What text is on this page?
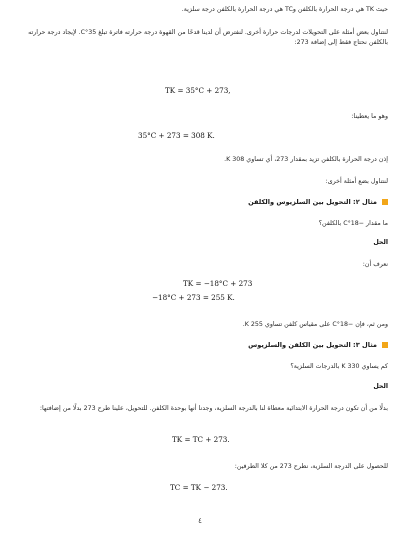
حيث TK هي درجة الحرارة بالكلفن وTC هي درجة الحرارة بالكلفن درجة سلزية.
لنتناول بعض أمثلة على التحويلات لدرجات حرارة أخرى. لنفترض أن لدينا قدحًا من القهوة درجة حرارته فاترة تبلغ 35°C. لإيجاد درجة حرارته بالكلفن نحتاج فقط إلى إضافة 273:
TK = 35°C + 273,
وهو ما يعطينا:
35°C + 273 = 308 K.
إذن درجة الحرارة بالكلفن تزيد بمقدار 273، أي تساوي 308 K.
لنتناول بضع أمثلة أخرى:
مثال ٢: التحويل بين السلزيوس والكلفن
ما مقدار −18°C بالكلفن؟
الحل
نعرف أن:
TK = −18°C + 273
−18°C + 273 = 255 K.
ومن ثم، فإن −18°C على مقياس كلفن تساوي 255 K.
مثال ٣: التحويل بين الكلفن والسلزيوس
كم يساوي 330 K بالدرجات السلزية؟
الحل
بدلًا من أن تكون درجة الحرارة الابتدائية معطاة لنا بالدرجة السلزية، وجدنا أنها بوحدة الكلفن. للتحويل، علينا طرح 273 بدلًا من إضافتها:
TK = TC + 273.
للحصول على الدرجة السلزية، نطرح 273 من كلا الطرفين:
TC = TK − 273.
٤
